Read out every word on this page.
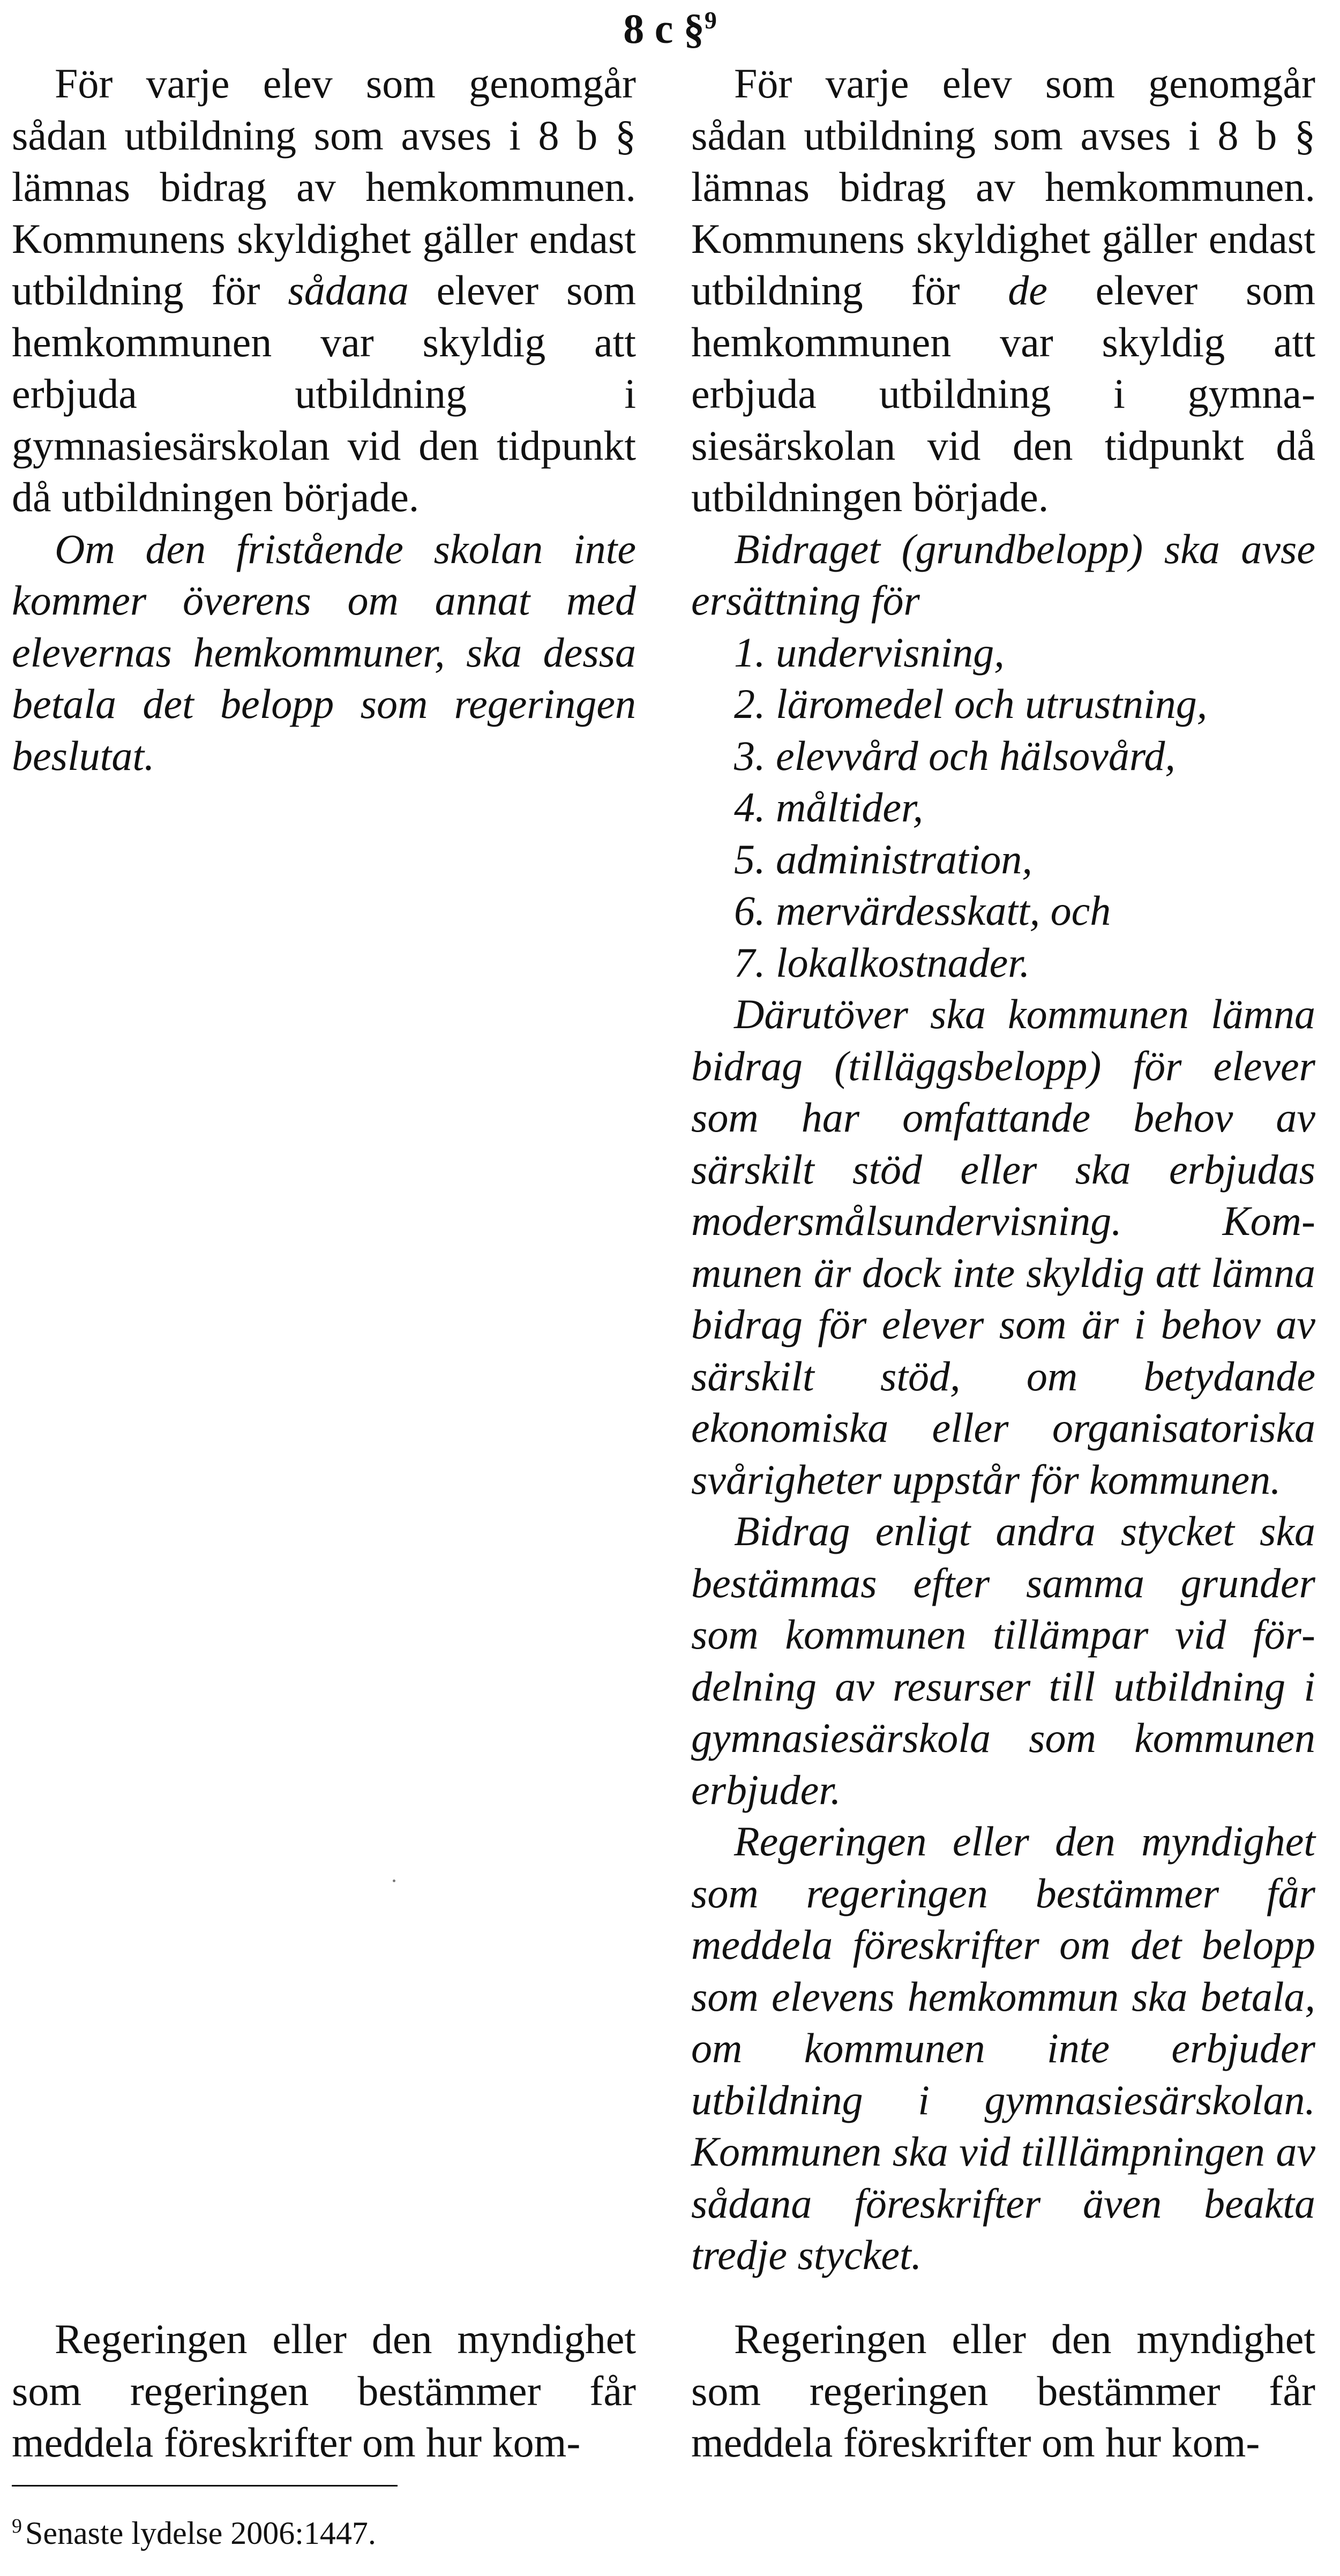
8 c §$^9$

För varje elev som genomgår sådan utbildning som avses i 8 b § lämnas bidrag av hemkommunen. Kommunens skyldighet gäller endast utbildning för sådana elever som hemkommunen var skyldig att erbjuda utbildning i gymnasiesärskolan vid den tidpunkt då utbildningen började.

Om den fristående skolan inte kommer överens om annat med elevernas hemkommuner, ska dessa betala det belopp som regeringen beslutat.

För varje elev som genomgår sådan utbildning som avses i 8 b § lämnas bidrag av hemkommunen. Kommunens skyldighet gäller endast utbildning för de elever som hemkommunen var skyldig att erbjuda utbildning i gymnasiesärskolan vid den tidpunkt då utbildningen började.

Bidraget (grundbelopp) ska avse ersättning för

1. undervisning,
2. läromedel och utrustning,
3. elevvård och hälsovård,
4. måltider,
5. administration,
6. mervärdesskatt, och
7. lokalkostnader.

Därutöver ska kommunen lämna bidrag (tilläggsbelopp) för elever som har omfattande behov av särskilt stöd eller ska erbjudas modersmålsundervisning. Kommunen är dock inte skyldig att lämna bidrag för elever som är i behov av särskilt stöd, om betydande ekonomiska eller organisatoriska svårigheter uppstår för kommunen.

Bidrag enligt andra stycket ska bestämmas efter samma grunder som kommunen tillämpar vid fördelning av resurser till utbildning i gymnasiesärskola som kommunen erbjuder.

Regeringen eller den myndighet som regeringen bestämmer får meddela föreskrifter om det belopp som elevens hemkommun ska betala, om kommunen inte erbjuder utbildning i gymnasiesärskolan. Kommunen ska vid tilllämpningen av sådana föreskrifter även beakta tredje stycket.

Regeringen eller den myndighet som regeringen bestämmer får meddela föreskrifter om hur kom-

Regeringen eller den myndighet som regeringen bestämmer får meddela föreskrifter om hur kom-

$^9$ Senaste lydelse 2006:1447.
